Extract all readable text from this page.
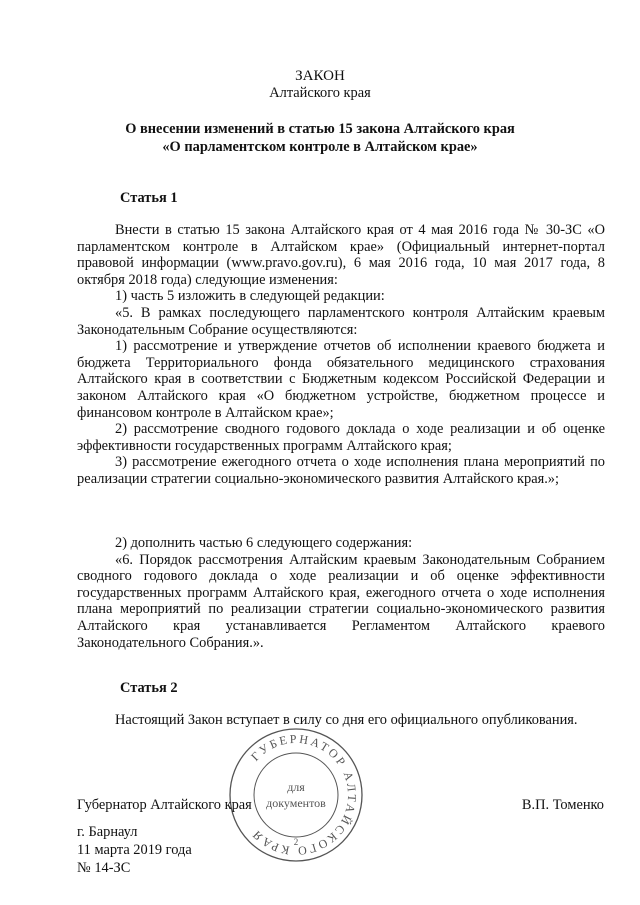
ЗАКОН
Алтайского края
О внесении изменений в статью 15 закона Алтайского края
«О парламентском контроле в Алтайском крае»
Статья 1

Внести в статью 15 закона Алтайского края от 4 мая 2016 года № 30-ЗС «О парламентском контроле в Алтайском крае» (Официальный интернет-портал правовой информации (www.pravo.gov.ru), 6 мая 2016 года, 10 мая 2017 года, 8 октября 2018 года) следующие изменения:

1) часть 5 изложить в следующей редакции:

«5. В рамках последующего парламентского контроля Алтайским краевым Законодательным Собрание осуществляются:

1) рассмотрение и утверждение отчетов об исполнении краевого бюджета и бюджета Территориального фонда обязательного медицинского страхования Алтайского края в соответствии с Бюджетным кодексом Российской Федерации и законом Алтайского края «О бюджетном устройстве, бюджетном процессе и финансовом контроле в Алтайском крае»;

2) рассмотрение сводного годового доклада о ходе реализации и об оценке эффективности государственных программ Алтайского края;

3) рассмотрение ежегодного отчета о ходе исполнения плана мероприятий по реализации стратегии социально-экономического развития Алтайского края.»;

2) дополнить частью 6 следующего содержания:

«6. Порядок рассмотрения Алтайским краевым Законодательным Собранием сводного годового доклада о ходе реализации и об оценке эффективности государственных программ Алтайского края, ежегодного отчета о ходе исполнения плана мероприятий по реализации стратегии социально-экономического развития Алтайского края устанавливается Регламентом Алтайского краевого Законодательного Собрания.».

Статья 2

Настоящий Закон вступает в силу со дня его официального опубликования.

ГУБЕРНАТОР АЛТАЙСКОГО КРАЯ
для
документов
2
Губернатор Алтайского края	В.П. Томенко
г. Барнаул
11 марта 2019 года
№ 14-ЗС
